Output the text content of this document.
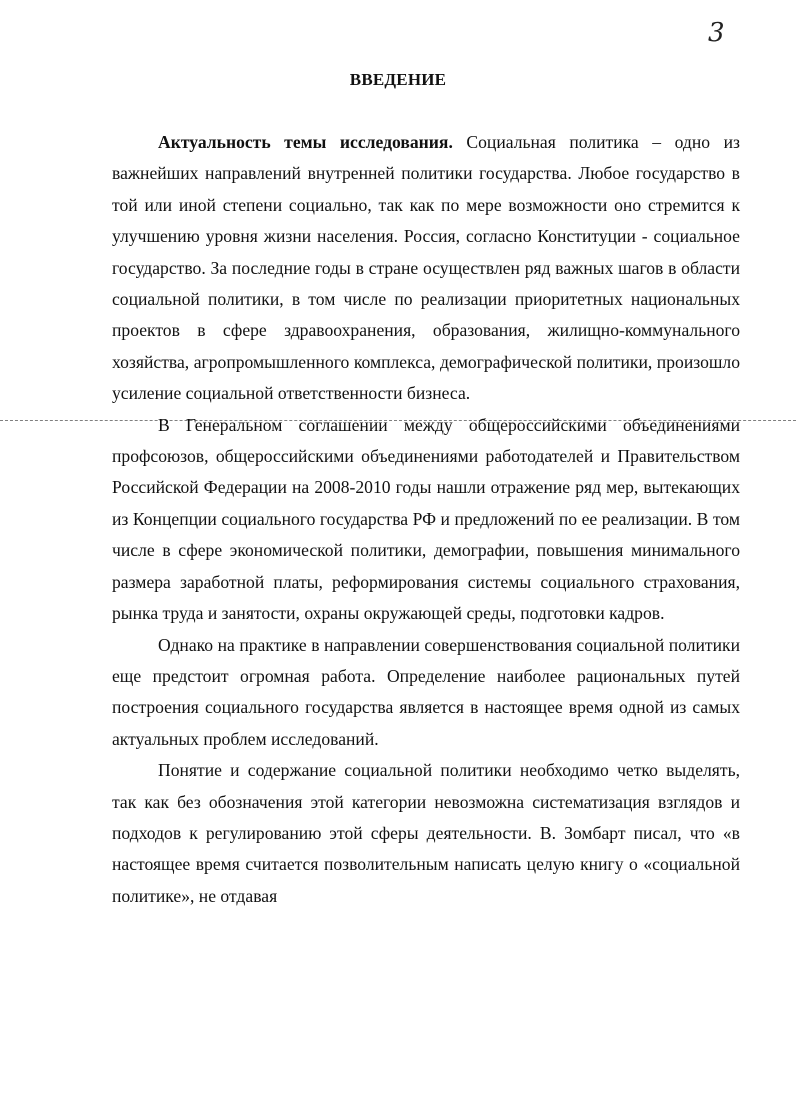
3
ВВЕДЕНИЕ

Актуальность темы исследования. Социальная политика – одно из важнейших направлений внутренней политики государства. Любое государство в той или иной степени социально, так как по мере возможности оно стремится к улучшению уровня жизни населения. Россия, согласно Конституции - социальное государство. За последние годы в стране осуществлен ряд важных шагов в области социальной политики, в том числе по реализации приоритетных национальных проектов в сфере здравоохранения, образования, жилищно-коммунального хозяйства, агропромышленного комплекса, демографической политики, произошло усиление социальной ответственности бизнеса.

В Генеральном соглашении между общероссийскими объединениями профсоюзов, общероссийскими объединениями работодателей и Правительством Российской Федерации на 2008-2010 годы нашли отражение ряд мер, вытекающих из Концепции социального государства РФ и предложений по ее реализации. В том числе в сфере экономической политики, демографии, повышения минимального размера заработной платы, реформирования системы социального страхования, рынка труда и занятости, охраны окружающей среды, подготовки кадров.

Однако на практике в направлении совершенствования социальной политики еще предстоит огромная работа. Определение наиболее рациональных путей построения социального государства является в настоящее время одной из самых актуальных проблем исследований.

Понятие и содержание социальной политики необходимо четко выделять, так как без обозначения этой категории невозможна систематизация взглядов и подходов к регулированию этой сферы деятельности. В. Зомбарт писал, что «в настоящее время считается позволительным написать целую книгу о «социальной политике», не отдавая
